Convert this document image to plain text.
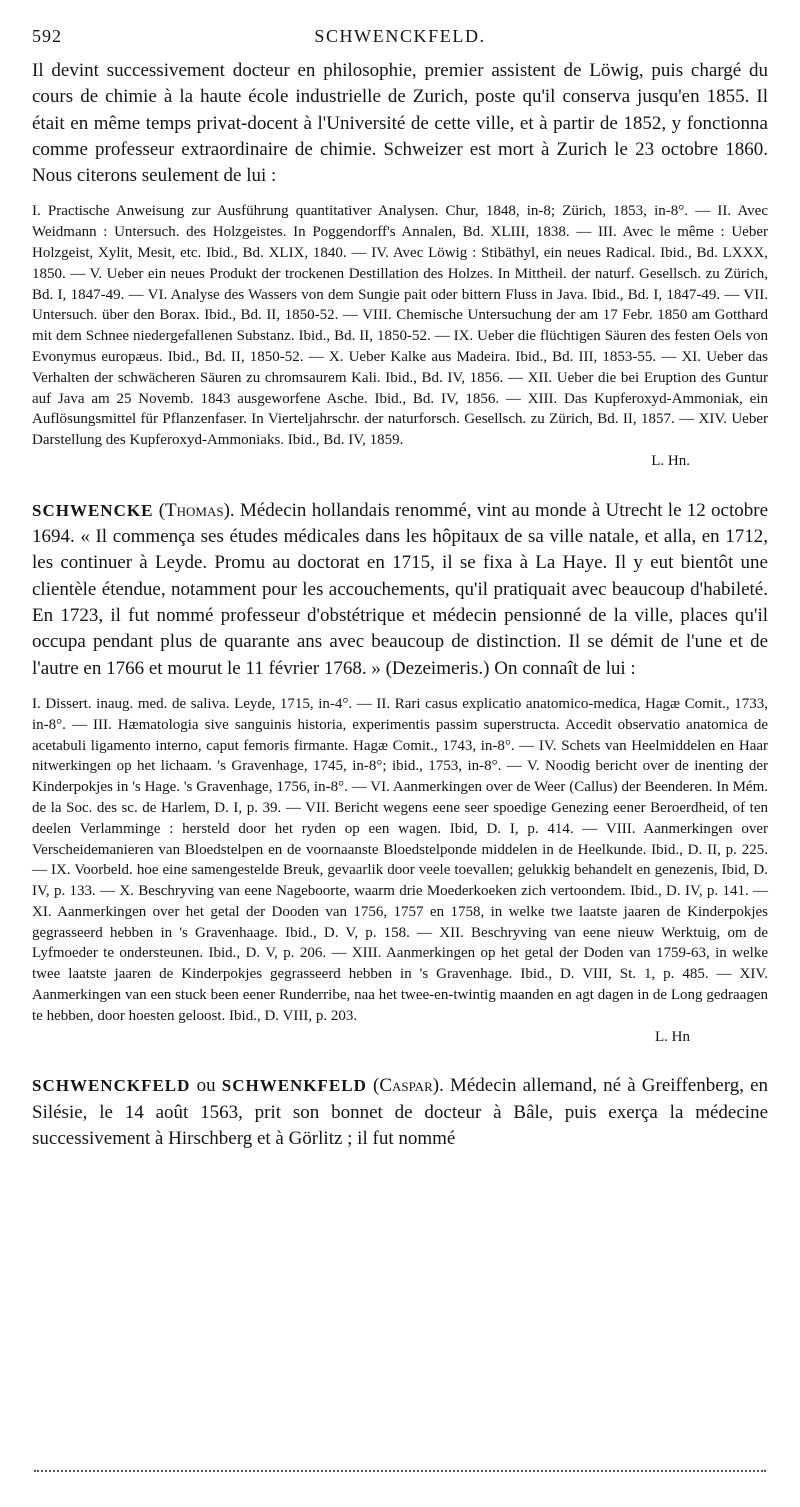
592	SCHWENCKFELD.

Il devint successivement docteur en philosophie, premier assistent de Löwig, puis chargé du cours de chimie à la haute école industrielle de Zurich, poste qu'il conserva jusqu'en 1855. Il était en même temps privat-docent à l'Université de cette ville, et à partir de 1852, y fonctionna comme professeur extraordinaire de chimie. Schweizer est mort à Zurich le 23 octobre 1860. Nous citerons seulement de lui :

I. Practische Anweisung zur Ausführung quantitativer Analysen. Chur, 1848, in-8; Zürich, 1853, in-8°. — II. Avec Weidmann : Untersuch. des Holzgeistes. In Poggendorff's Annalen, Bd. XLIII, 1838. — III. Avec le même : Ueber Holzgeist, Xylit, Mesit, etc. Ibid., Bd. XLIX, 1840. — IV. Avec Löwig : Stibäthyl, ein neues Radical. Ibid., Bd. LXXX, 1850. — V. Ueber ein neues Produkt der trockenen Destillation des Holzes. In Mittheil. der naturf. Gesellsch. zu Zürich, Bd. I, 1847-49. — VI. Analyse des Wassers von dem Sungie pait oder bittern Fluss in Java. Ibid., Bd. I, 1847-49. — VII. Untersuch. über den Borax. Ibid., Bd. II, 1850-52. — VIII. Chemische Untersuchung der am 17 Febr. 1850 am Gotthard mit dem Schnee niedergefallenen Substanz. Ibid., Bd. II, 1850-52. — IX. Ueber die flüchtigen Säuren des festen Oels von Evonymus europæus. Ibid., Bd. II, 1850-52. — X. Ueber Kalke aus Madeira. Ibid., Bd. III, 1853-55. — XI. Ueber das Verhalten der schwächeren Säuren zu chromsaurem Kali. Ibid., Bd. IV, 1856. — XII. Ueber die bei Eruption des Guntur auf Java am 25 Novemb. 1843 ausgeworfene Asche. Ibid., Bd. IV, 1856. — XIII. Das Kupferoxyd-Ammoniak, ein Auflösungsmittel für Pflanzenfaser. In Vierteljahrschr. der naturforsch. Gesellsch. zu Zürich, Bd. II, 1857. — XIV. Ueber Darstellung des Kupferoxyd-Ammoniaks. Ibid., Bd. IV, 1859.
L. Hn.

SCHWENCKE (Thomas). Médecin hollandais renommé, vint au monde à Utrecht le 12 octobre 1694. « Il commença ses études médicales dans les hôpitaux de sa ville natale, et alla, en 1712, les continuer à Leyde. Promu au doctorat en 1715, il se fixa à La Haye. Il y eut bientôt une clientèle étendue, notamment pour les accouchements, qu'il pratiquait avec beaucoup d'habileté. En 1723, il fut nommé professeur d'obstétrique et médecin pensionné de la ville, places qu'il occupa pendant plus de quarante ans avec beaucoup de distinction. Il se démit de l'une et de l'autre en 1766 et mourut le 11 février 1768. » (Dezeimeris.) On connaît de lui :

I. Dissert. inaug. med. de saliva. Leyde, 1715, in-4°. — II. Rari casus explicatio anatomico-medica, Hagæ Comit., 1733, in-8°. — III. Hæmatologia sive sanguinis historia, experimentis passim superstructa. Accedit observatio anatomica de acetabuli ligamento interno, caput femoris firmante. Hagæ Comit., 1743, in-8°. — IV. Schets van Heelmiddelen en Haar nitwerkingen op het lichaam. 's Gravenhage, 1745, in-8°; ibid., 1753, in-8°. — V. Noodig bericht over de inenting der Kinderpokjes in 's Hage. 's Gravenhage, 1756, in-8°. — VI. Aanmerkingen over de Weer (Callus) der Beenderen. In Mém. de la Soc. des sc. de Harlem, D. I, p. 39. — VII. Bericht wegens eene seer spoedige Genezing eener Beroerdheid, of ten deelen Verlamminge : hersteld door het ryden op een wagen. Ibid, D. I, p. 414. — VIII. Aanmerkingen over Verscheidemanieren van Bloedstelpen en de voornaanste Bloedstelponde middelen in de Heelkunde. Ibid., D. II, p. 225. — IX. Voorbeld. hoe eine samengestelde Breuk, gevaarlik door veele toevallen; gelukkig behandelt en genezenis, Ibid, D. IV, p. 133. — X. Beschryving van eene Nageboorte, waarm drie Moederkoeken zich vertoondem. Ibid., D. IV, p. 141. — XI. Aanmerkingen over het getal der Dooden van 1756, 1757 en 1758, in welke twe laatste jaaren de Kinderpokjes gegrasseerd hebben in 's Gravenhaage. Ibid., D. V, p. 158. — XII. Beschryving van eene nieuw Werktuig, om de Lyfmoeder te ondersteunen. Ibid., D. V, p. 206. — XIII. Aanmerkingen op het getal der Doden van 1759-63, in welke twee laatste jaaren de Kinderpokjes gegrasseerd hebben in 's Gravenhage. Ibid., D. VIII, St. 1, p. 485. — XIV. Aanmerkingen van een stuck been eener Runderribe, naa het twee-en-twintig maanden en agt dagen in de Long gedraagen te hebben, door hoesten geloost. Ibid., D. VIII, p. 203.
L. Hn

SCHWENCKFELD ou SCHWENKFELD (Caspar). Médecin allemand, né à Greiffenberg, en Silésie, le 14 août 1563, prit son bonnet de docteur à Bâle, puis exerça la médecine successivement à Hirschberg et à Görlitz ; il fut nommé
